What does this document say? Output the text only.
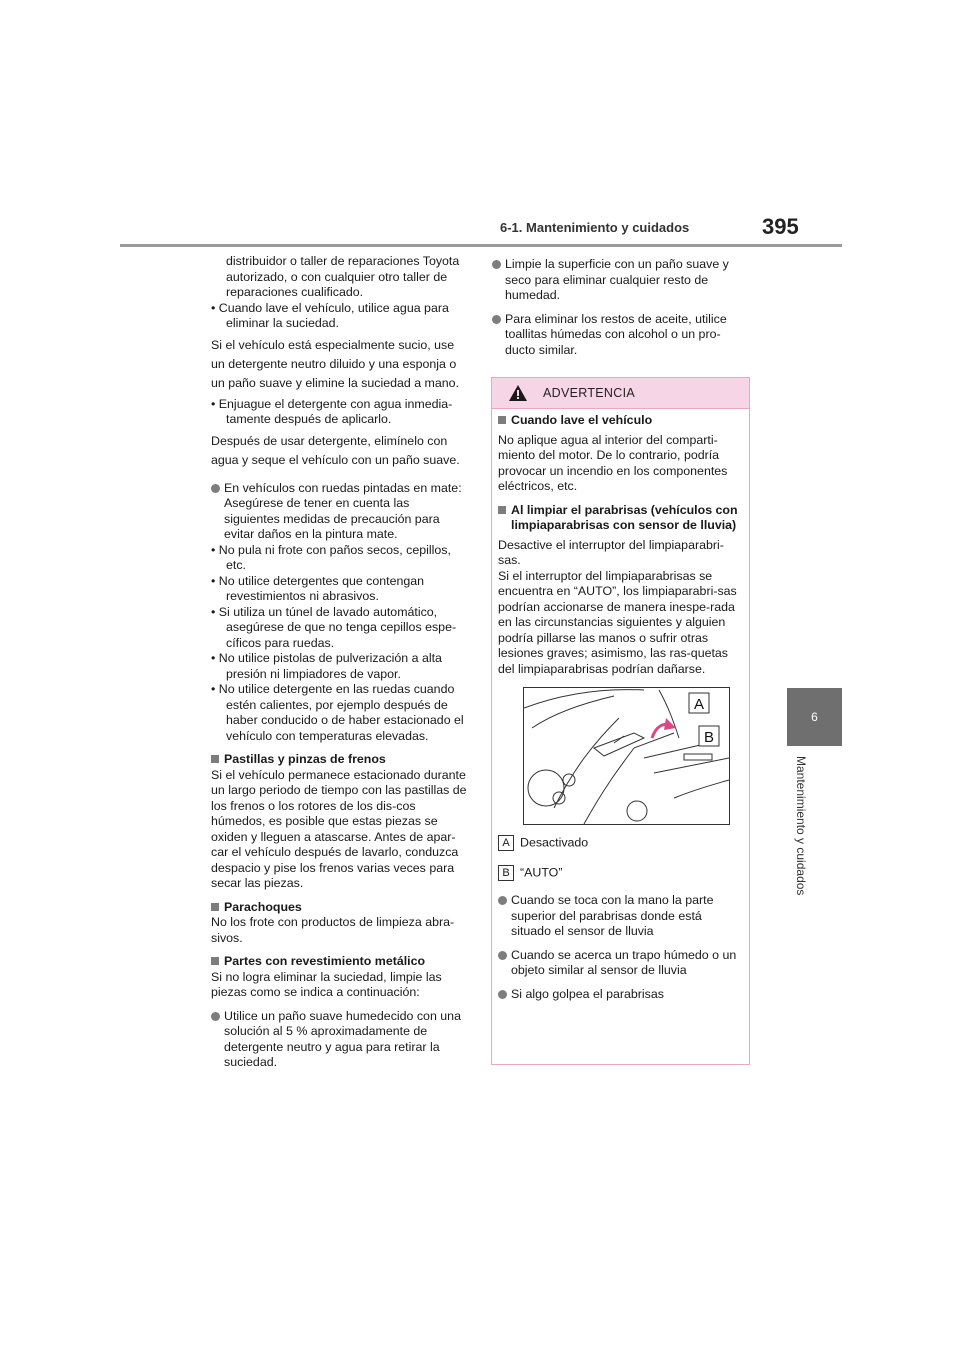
6-1. Mantenimiento y cuidados	395
6
Mantenimiento y cuidados

distribuidor o taller de reparaciones Toyota autorizado, o con cualquier otro taller de reparaciones cualificado.

• Cuando lave el vehículo, utilice agua para eliminar la suciedad.

Si el vehículo está especialmente sucio, use un detergente neutro diluido y una esponja o un paño suave y elimine la suciedad a mano.

• Enjuague el detergente con agua inmedia-tamente después de aplicarlo.

Después de usar detergente, elimínelo con agua y seque el vehículo con un paño suave.

En vehículos con ruedas pintadas en mate: Asegúrese de tener en cuenta las siguientes medidas de precaución para evitar daños en la pintura mate.

• No pula ni frote con paños secos, cepillos, etc.

• No utilice detergentes que contengan revestimientos ni abrasivos.

• Si utiliza un túnel de lavado automático, asegúrese de que no tenga cepillos espe-cíficos para ruedas.

• No utilice pistolas de pulverización a alta presión ni limpiadores de vapor.

• No utilice detergente en las ruedas cuando estén calientes, por ejemplo después de haber conducido o de haber estacionado el vehículo con temperaturas elevadas.

Pastillas y pinzas de frenos

Si el vehículo permanece estacionado durante un largo periodo de tiempo con las pastillas de los frenos o los rotores de los dis-cos húmedos, es posible que estas piezas se oxiden y lleguen a atascarse. Antes de apar-car el vehículo después de lavarlo, conduzca despacio y pise los frenos varias veces para secar las piezas.

Parachoques

No los frote con productos de limpieza abra-sivos.

Partes con revestimiento metálico

Si no logra eliminar la suciedad, limpie las piezas como se indica a continuación:

Utilice un paño suave humedecido con una solución al 5 % aproximadamente de detergente neutro y agua para retirar la suciedad.

Limpie la superficie con un paño suave y seco para eliminar cualquier resto de humedad.

Para eliminar los restos de aceite, utilice toallitas húmedas con alcohol o un pro-ducto similar.

ADVERTENCIA

Cuando lave el vehículo

No aplique agua al interior del comparti-miento del motor. De lo contrario, podría provocar un incendio en los componentes eléctricos, etc.

Al limpiar el parabrisas (vehículos con limpiaparabrisas con sensor de lluvia)

Desactive el interruptor del limpiaparabri-sas.

Si el interruptor del limpiaparabrisas se encuentra en “AUTO”, los limpiaparabri-sas podrían accionarse de manera inespe-rada en las circunstancias siguientes y alguien podría pillarse las manos o sufrir otras lesiones graves; asimismo, las ras-quetas del limpiaparabrisas podrían dañarse.

A
B

A Desactivado

B “AUTO”

Cuando se toca con la mano la parte superior del parabrisas donde está situado el sensor de lluvia

Cuando se acerca un trapo húmedo o un objeto similar al sensor de lluvia

Si algo golpea el parabrisas
